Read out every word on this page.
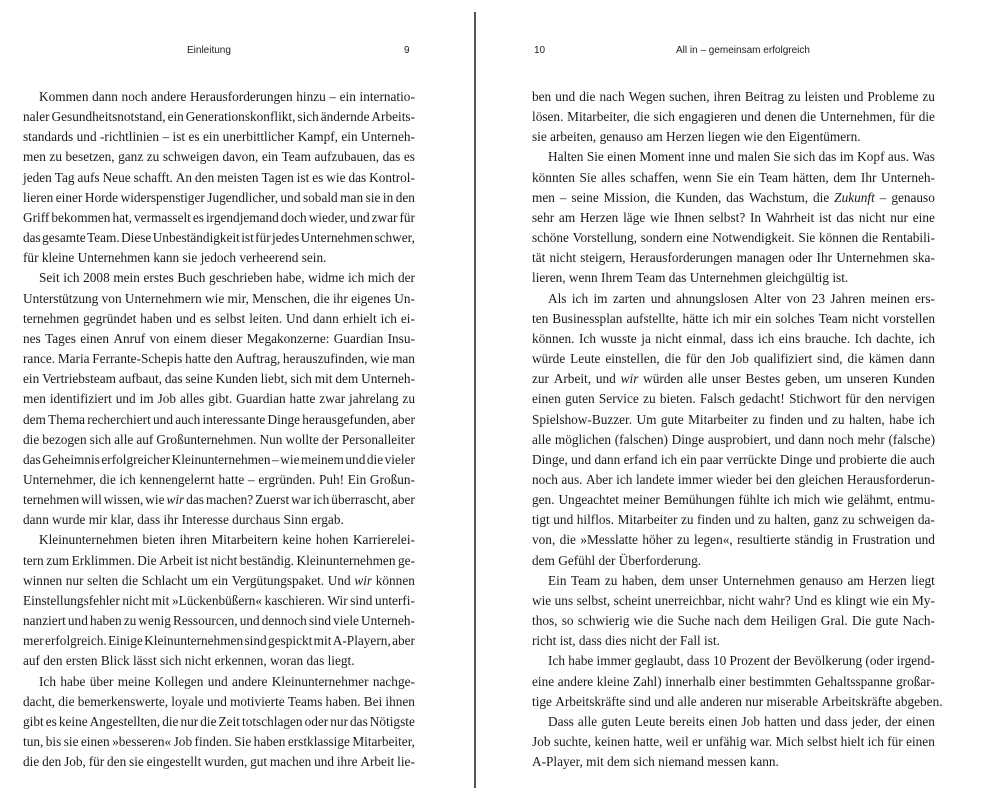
Einleitung	9
Kommen dann noch andere Herausforderungen hinzu – ein internatio-
naler Gesundheitsnotstand, ein Generationskonflikt, sich ändernde Arbeits-
standards und -richtlinien – ist es ein unerbittlicher Kampf, ein Unterneh-
men zu besetzen, ganz zu schweigen davon, ein Team aufzubauen, das es
jeden Tag aufs Neue schafft. An den meisten Tagen ist es wie das Kontrol-
lieren einer Horde widerspenstiger Jugendlicher, und sobald man sie in den
Griff bekommen hat, vermasselt es irgendjemand doch wieder, und zwar für
das gesamte Team. Diese Unbeständigkeit ist für jedes Unternehmen schwer,
für kleine Unternehmen kann sie jedoch verheerend sein.
Seit ich 2008 mein erstes Buch geschrieben habe, widme ich mich der
Unterstützung von Unternehmern wie mir, Menschen, die ihr eigenes Un-
ternehmen gegründet haben und es selbst leiten. Und dann erhielt ich ei-
nes Tages einen Anruf von einem dieser Megakonzerne: Guardian Insu-
rance. Maria Ferrante-Schepis hatte den Auftrag, herauszufinden, wie man
ein Vertriebsteam aufbaut, das seine Kunden liebt, sich mit dem Unterneh-
men identifiziert und im Job alles gibt. Guardian hatte zwar jahrelang zu
dem Thema recherchiert und auch interessante Dinge herausgefunden, aber
die bezogen sich alle auf Großunternehmen. Nun wollte der Personalleiter
das Geheimnis erfolgreicher Kleinunternehmen – wie meinem und die vieler
Unternehmer, die ich kennengelernt hatte – ergründen. Puh! Ein Großun-
ternehmen will wissen, wie wir das machen? Zuerst war ich überrascht, aber
dann wurde mir klar, dass ihr Interesse durchaus Sinn ergab.
Kleinunternehmen bieten ihren Mitarbeitern keine hohen Karrierelei-
tern zum Erklimmen. Die Arbeit ist nicht beständig. Kleinunternehmen ge-
winnen nur selten die Schlacht um ein Vergütungspaket. Und wir können
Einstellungsfehler nicht mit »Lückenbüßern« kaschieren. Wir sind unterfi-
nanziert und haben zu wenig Ressourcen, und dennoch sind viele Unterneh-
mer erfolgreich. Einige Kleinunternehmen sind gespickt mit A-Playern, aber
auf den ersten Blick lässt sich nicht erkennen, woran das liegt.
Ich habe über meine Kollegen und andere Kleinunternehmer nachge-
dacht, die bemerkenswerte, loyale und motivierte Teams haben. Bei ihnen
gibt es keine Angestellten, die nur die Zeit totschlagen oder nur das Nötigste
tun, bis sie einen »besseren« Job finden. Sie haben erstklassige Mitarbeiter,
die den Job, für den sie eingestellt wurden, gut machen und ihre Arbeit lie-
10	All in – gemeinsam erfolgreich
ben und die nach Wegen suchen, ihren Beitrag zu leisten und Probleme zu
lösen. Mitarbeiter, die sich engagieren und denen die Unternehmen, für die
sie arbeiten, genauso am Herzen liegen wie den Eigentümern.
Halten Sie einen Moment inne und malen Sie sich das im Kopf aus. Was
könnten Sie alles schaffen, wenn Sie ein Team hätten, dem Ihr Unterneh-
men – seine Mission, die Kunden, das Wachstum, die Zukunft – genauso
sehr am Herzen läge wie Ihnen selbst? In Wahrheit ist das nicht nur eine
schöne Vorstellung, sondern eine Notwendigkeit. Sie können die Rentabili-
tät nicht steigern, Herausforderungen managen oder Ihr Unternehmen ska-
lieren, wenn Ihrem Team das Unternehmen gleichgültig ist.
Als ich im zarten und ahnungslosen Alter von 23 Jahren meinen ers-
ten Businessplan aufstellte, hätte ich mir ein solches Team nicht vorstellen
können. Ich wusste ja nicht einmal, dass ich eins brauche. Ich dachte, ich
würde Leute einstellen, die für den Job qualifiziert sind, die kämen dann
zur Arbeit, und wir würden alle unser Bestes geben, um unseren Kunden
einen guten Service zu bieten. Falsch gedacht! Stichwort für den nervigen
Spielshow-Buzzer. Um gute Mitarbeiter zu finden und zu halten, habe ich
alle möglichen (falschen) Dinge ausprobiert, und dann noch mehr (falsche)
Dinge, und dann erfand ich ein paar verrückte Dinge und probierte die auch
noch aus. Aber ich landete immer wieder bei den gleichen Herausforderun-
gen. Ungeachtet meiner Bemühungen fühlte ich mich wie gelähmt, entmu-
tigt und hilflos. Mitarbeiter zu finden und zu halten, ganz zu schweigen da-
von, die »Messlatte höher zu legen«, resultierte ständig in Frustration und
dem Gefühl der Überforderung.
Ein Team zu haben, dem unser Unternehmen genauso am Herzen liegt
wie uns selbst, scheint unerreichbar, nicht wahr? Und es klingt wie ein My-
thos, so schwierig wie die Suche nach dem Heiligen Gral. Die gute Nach-
richt ist, dass dies nicht der Fall ist.
Ich habe immer geglaubt, dass 10 Prozent der Bevölkerung (oder irgend-
eine andere kleine Zahl) innerhalb einer bestimmten Gehaltsspanne großar-
tige Arbeitskräfte sind und alle anderen nur miserable Arbeitskräfte abgeben.
Dass alle guten Leute bereits einen Job hatten und dass jeder, der einen
Job suchte, keinen hatte, weil er unfähig war. Mich selbst hielt ich für einen
A-Player, mit dem sich niemand messen kann.
